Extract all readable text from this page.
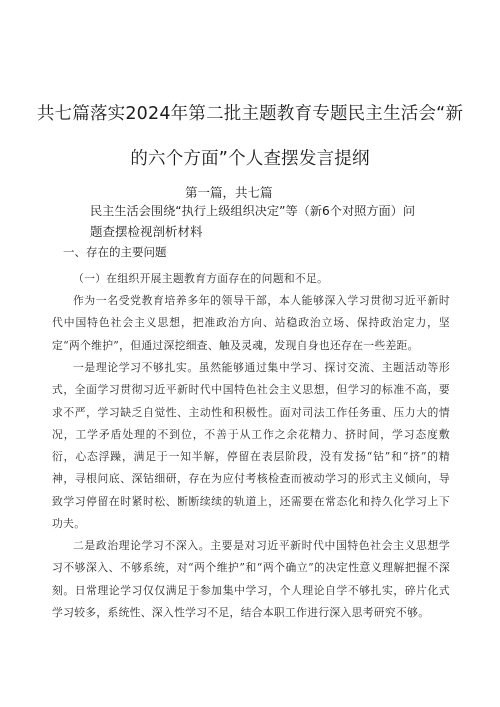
共七篇落实2024年第二批主题教育专题民主生活会“新
的六个方面”个人查摆发言提纲
第一篇，共七篇
民主生活会围绕“执行上级组织决定”等（新6个对照方面）问
题查摆检视剖析材料
一、存在的主要问题
（一）在组织开展主题教育方面存在的问题和不足。
作为一名受党教育培养多年的领导干部，本人能够深入学习贯彻习近平新时代中国特色社会主义思想，把准政治方向、站稳政治立场、保持政治定力，坚定“两个维护”，但通过深挖细查、触及灵魂，发现自身也还存在一些差距。
一是理论学习不够扎实。虽然能够通过集中学习、探讨交流、主题活动等形式，全面学习贯彻习近平新时代中国特色社会主义思想，但学习的标准不高，要求不严，学习缺乏自觉性、主动性和积极性。面对司法工作任务重、压力大的情况，工学矛盾处理的不到位，不善于从工作之余花精力、挤时间，学习态度敷衍，心态浮躁，满足于一知半解，停留在表层阶段，没有发扬“钻”和“挤”的精神，寻根问底、深钻细研，存在为应付考核检查而被动学习的形式主义倾向，导致学习停留在时紧时松、断断续续的轨道上，还需要在常态化和持久化学习上下功夫。
二是政治理论学习不深入。主要是对习近平新时代中国特色社会主义思想学习不够深入、不够系统，对“两个维护”和“两个确立”的决定性意义理解把握不深刻。日常理论学习仅仅满足于参加集中学习，个人理论自学不够扎实，碎片化式学习较多，系统性、深入性学习不足，结合本职工作进行深入思考研究不够。
